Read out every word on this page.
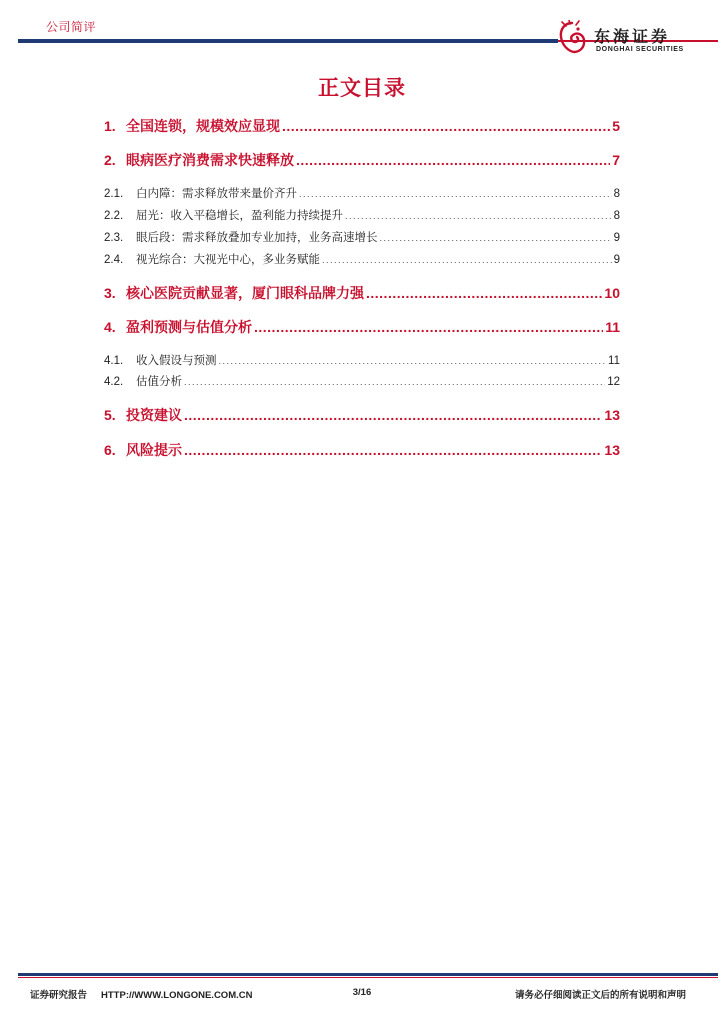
公司简评	东海证券
DONGHAI SECURITIES
正文目录
1. 全国连锁，规模效应显现 .....	5
2. 眼病医疗消费需求快速释放 .....	7
2.1.	白内障：需求释放带来量价齐升 .....	8
2.2.	屈光：收入平稳增长，盈利能力持续提升 .....	8
2.3.	眼后段：需求释放叠加专业加持，业务高速增长 .....	9
2.4.	视光综合：大视光中心，多业务赋能 .....	9
3. 核心医院贡献显著，厦门眼科品牌力强 .....	10
4. 盈利预测与估值分析 .....	11
4.1.	收入假设与预测 .....	11
4.2.	估值分析 .....	12
5. 投资建议 .....	13
6. 风险提示 .....	13
证券研究报告 HTTP://WWW.LONGONE.COM.CN	3/16	请务必仔细阅读正文后的所有说明和声明
